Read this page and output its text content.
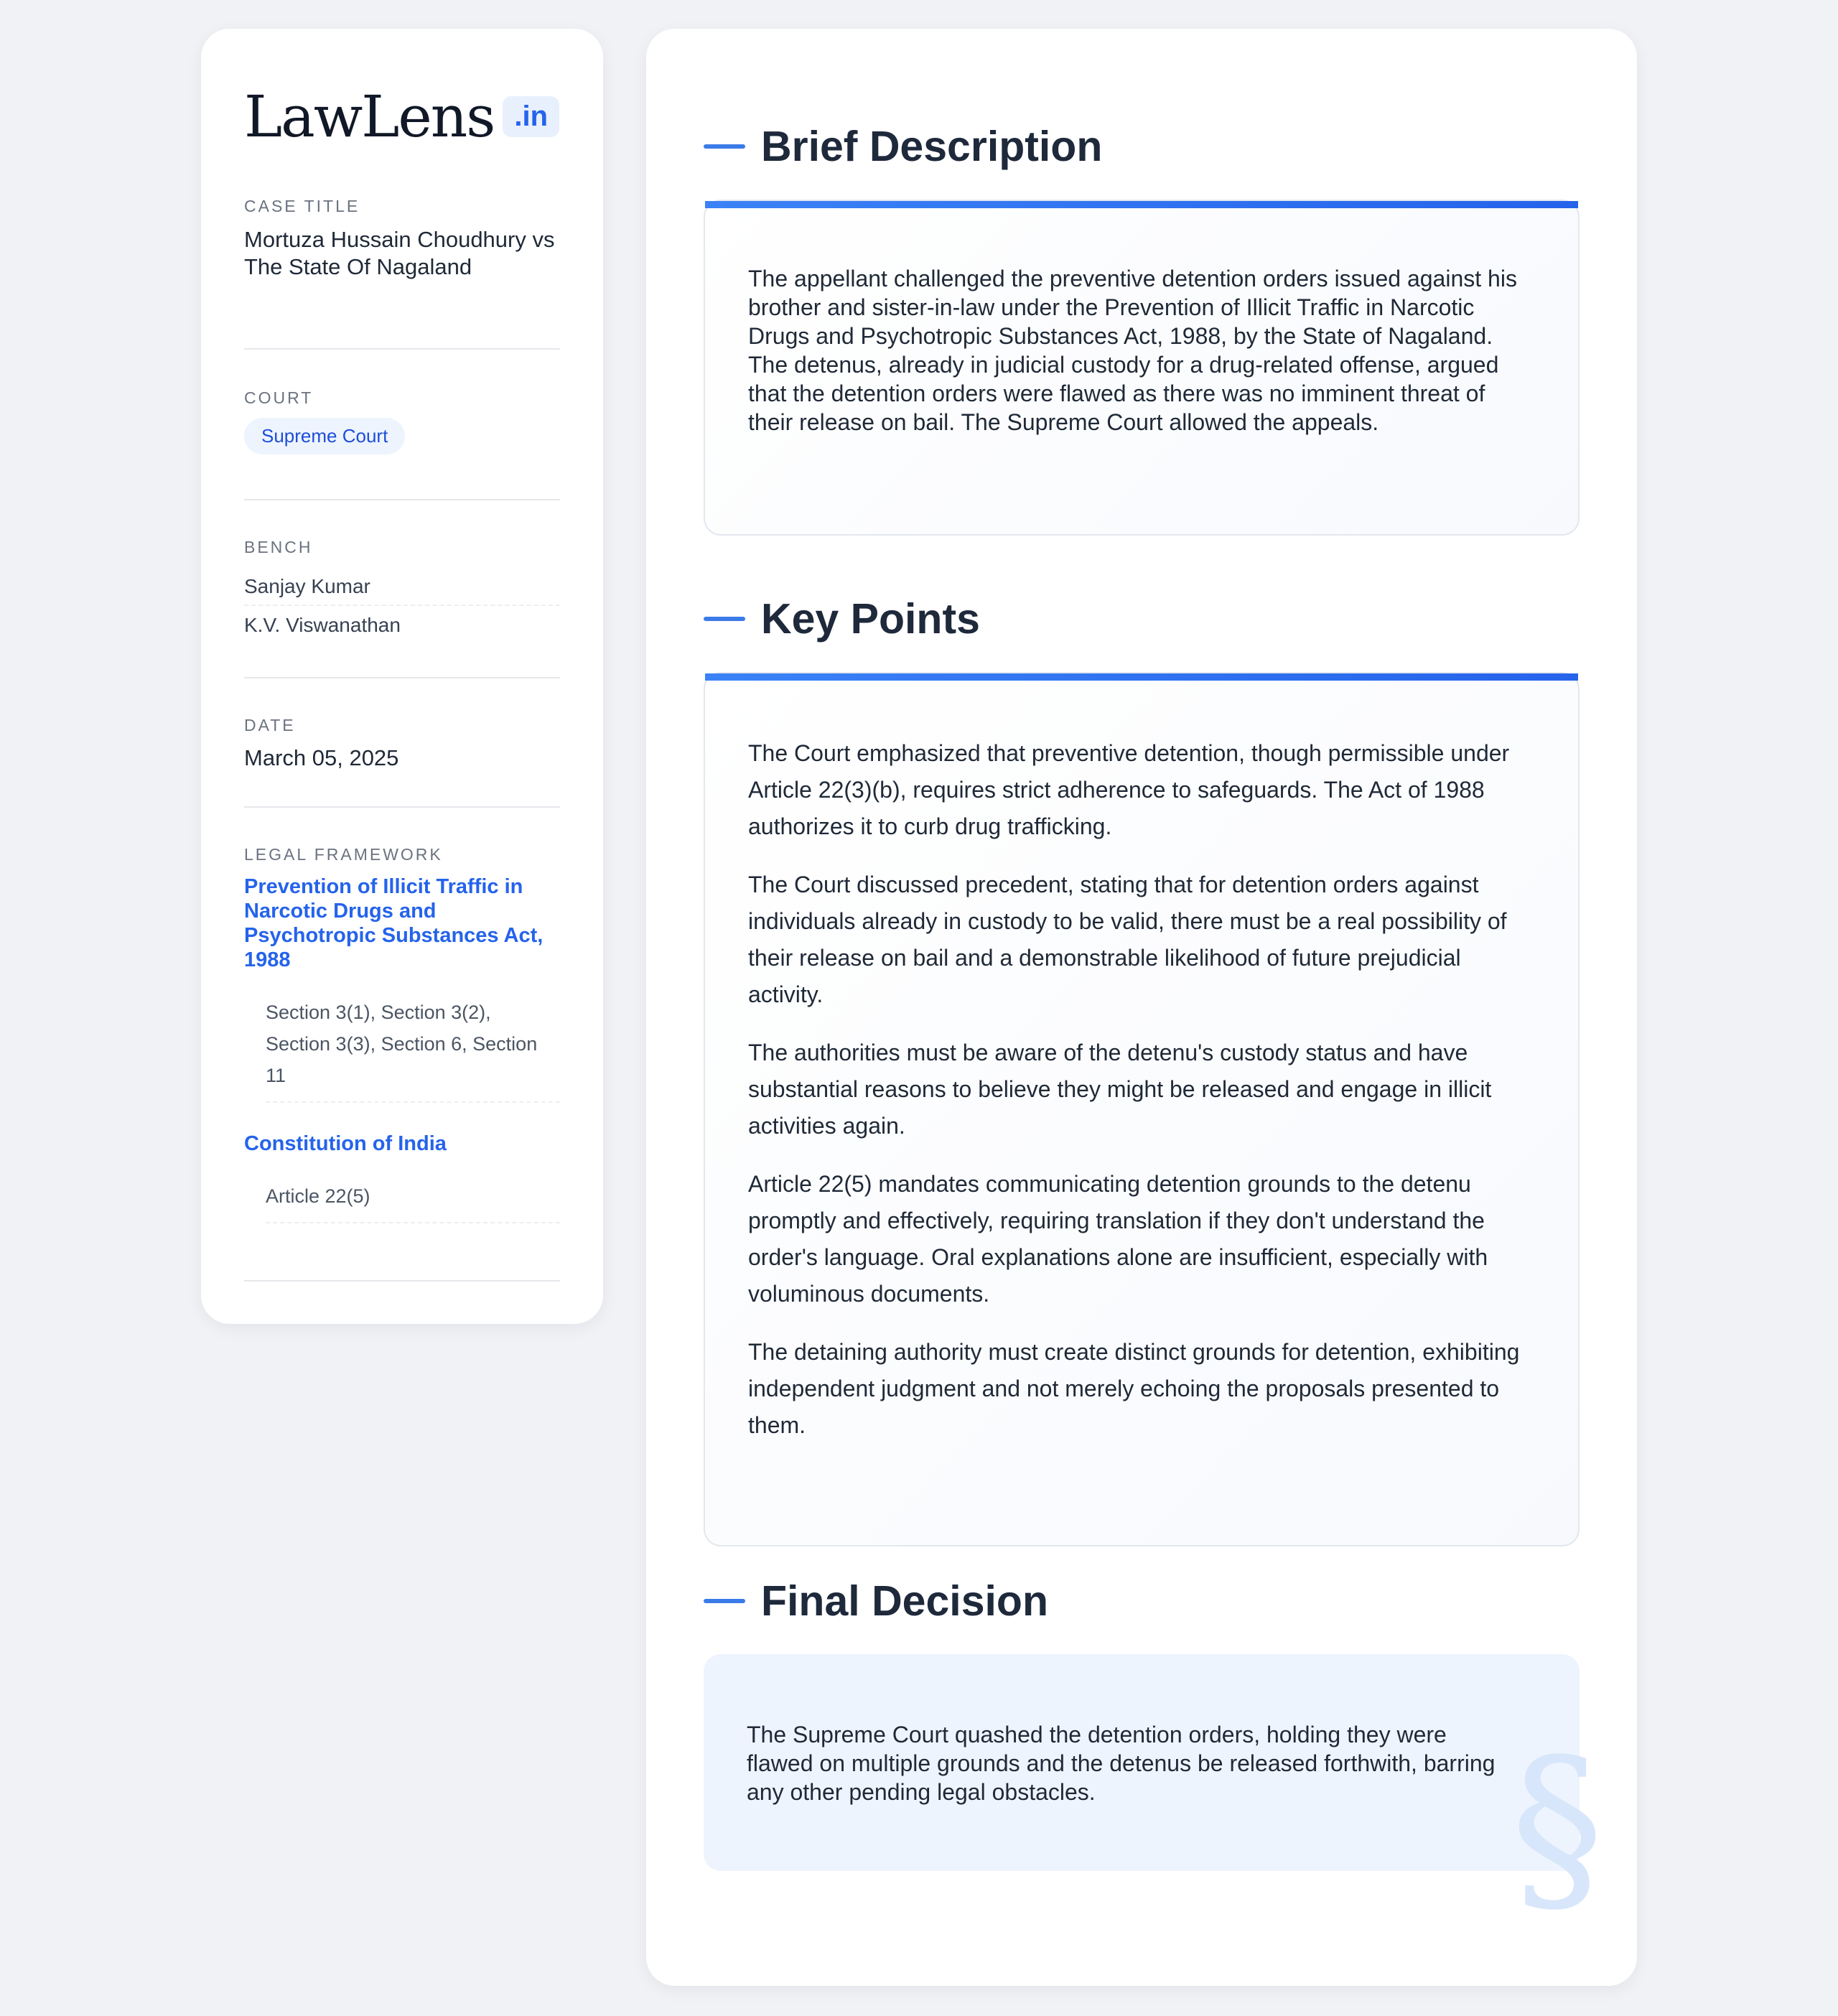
LawLens .in
CASE TITLE
Mortuza Hussain Choudhury vs The State Of Nagaland
COURT
Supreme Court
BENCH
Sanjay Kumar
K.V. Viswanathan
DATE
March 05, 2025
LEGAL FRAMEWORK
Prevention of Illicit Traffic in Narcotic Drugs and Psychotropic Substances Act, 1988
Section 3(1), Section 3(2), Section 3(3), Section 6, Section 11
Constitution of India
Article 22(5)
Brief Description

The appellant challenged the preventive detention orders issued against his brother and sister-in-law under the Prevention of Illicit Traffic in Narcotic Drugs and Psychotropic Substances Act, 1988, by the State of Nagaland. The detenus, already in judicial custody for a drug-related offense, argued that the detention orders were flawed as there was no imminent threat of their release on bail. The Supreme Court allowed the appeals.

Key Points

The Court emphasized that preventive detention, though permissible under Article 22(3)(b), requires strict adherence to safeguards. The Act of 1988 authorizes it to curb drug trafficking.

The Court discussed precedent, stating that for detention orders against individuals already in custody to be valid, there must be a real possibility of their release on bail and a demonstrable likelihood of future prejudicial activity.

The authorities must be aware of the detenu's custody status and have substantial reasons to believe they might be released and engage in illicit activities again.

Article 22(5) mandates communicating detention grounds to the detenu promptly and effectively, requiring translation if they don't understand the order's language. Oral explanations alone are insufficient, especially with voluminous documents.

The detaining authority must create distinct grounds for detention, exhibiting independent judgment and not merely echoing the proposals presented to them.

Final Decision

The Supreme Court quashed the detention orders, holding they were flawed on multiple grounds and the detenus be released forthwith, barring any other pending legal obstacles.	§
